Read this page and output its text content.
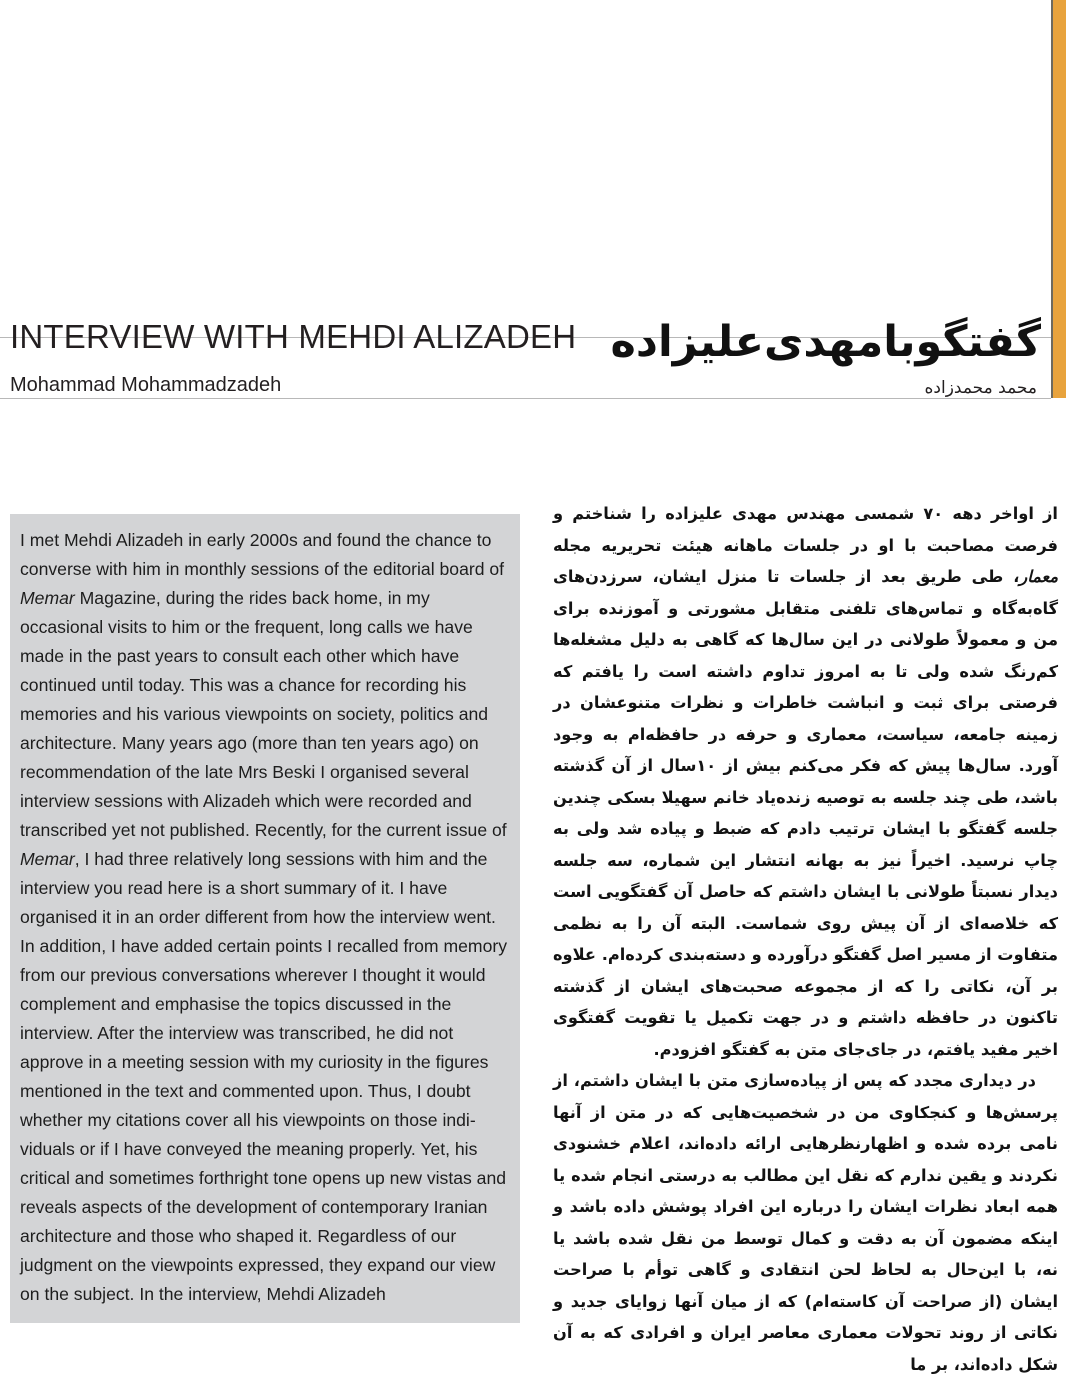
INTERVIEW WITH MEHDI ALIZADEH گفتگوبامهدی‌علیزاده
Mohammad Mohammadzadeh	محمد محمدزاده

I met Mehdi Alizadeh in early 2000s and found the chance to converse with him in monthly sessions of the editorial board of Memar Magazine, during the rides back home, in my occasional visits to him or the frequent, long calls we have made in the past years to consult each other which have continued until today. This was a chance for recording his memories and his various viewpoints on society, politics and architecture. Many years ago (more than ten years ago) on recommendation of the late Mrs Beski I organised several interview sessions with Alizadeh which were recorded and transcribed yet not published. Recently, for the current issue of Memar, I had three relatively long sessions with him and the interview you read here is a short summary of it. I have organised it in an order different from how the interview went. In addition, I have added certain points I recalled from memory from our previous conversations wherever I thought it would complement and emphasise the topics discussed in the interview. After the interview was transcribed, he did not approve in a meeting session with my curiosity in the figures mentioned in the text and commented upon. Thus, I doubt whether my citations cover all his viewpoints on those indi-viduals or if I have conveyed the meaning properly. Yet, his critical and sometimes forthright tone opens up new vistas and reveals aspects of the development of contemporary Iranian architecture and those who shaped it. Regardless of our judgment on the viewpoints expressed, they expand our view on the subject. In the interview, Mehdi Alizadeh

از اواخر دهه ۷۰ شمسی مهندس مهدی علیزاده را شناختم و فرصت مصاحبت با او در جلسات ماهانه هیئت تحریریه مجله معمار، طی طریق بعد از جلسات تا منزل ایشان، سرزدن‌های گاه‌به‌گاه و تماس‌های تلفنی متقابل مشورتی و آموزنده برای من و معمولاً طولانی در این سال‌ها که گاهی به دلیل مشغله‌ها کم‌رنگ شده ولی تا به امروز تداوم داشته است را یافتم که فرصتی برای ثبت و انباشت خاطرات و نظرات متنوعشان در زمینه جامعه، سیاست، معماری و حرفه در حافظه‌ام به وجود آورد. سال‌ها پیش که فکر می‌کنم بیش از ۱۰سال از آن گذشته باشد، طی چند جلسه به توصیه زنده‌یاد خانم سهیلا بسکی چندین جلسه گفتگو با ایشان ترتیب دادم که ضبط و پیاده شد ولی به چاپ نرسید. اخیراً نیز به بهانه انتشار این شماره، سه جلسه دیدار نسبتاً طولانی با ایشان داشتم که حاصل آن گفتگویی است که خلاصه‌ای از آن پیش روی شماست. البته آن را به نظمی متفاوت از مسیر اصل گفتگو درآورده و دسته‌بندی کرده‌ام. علاوه بر آن، نکاتی را که از مجموعه صحبت‌های ایشان از گذشته تاکنون در حافظه داشتم و در جهت تکمیل یا تقویت گفتگوی اخیر مفید یافتم، در جای‌جای متن به گفتگو افزودم.

در دیداری مجدد که پس از پیاده‌سازی متن با ایشان داشتم، از پرسش‌ها و کنجکاوی من در شخصیت‌هایی که در متن از آنها نامی برده شده و اظهارنظرهایی ارائه داده‌اند، اعلام خشنودی نکردند و یقین ندارم که نقل این مطالب به درستی انجام شده یا همه ابعاد نظرات ایشان را درباره این افراد پوشش داده باشد و اینکه مضمون آن به دقت و کمال توسط من نقل شده باشد یا نه، با این‌حال به لحاظ لحن انتقادی و گاهی توأم با صراحت ایشان (از صراحت آن کاسته‌ام) که از میان آنها زوایای جدید و نکاتی از روند تحولات معماری معاصر ایران و افرادی که به آن شکل داده‌اند، بر ما
